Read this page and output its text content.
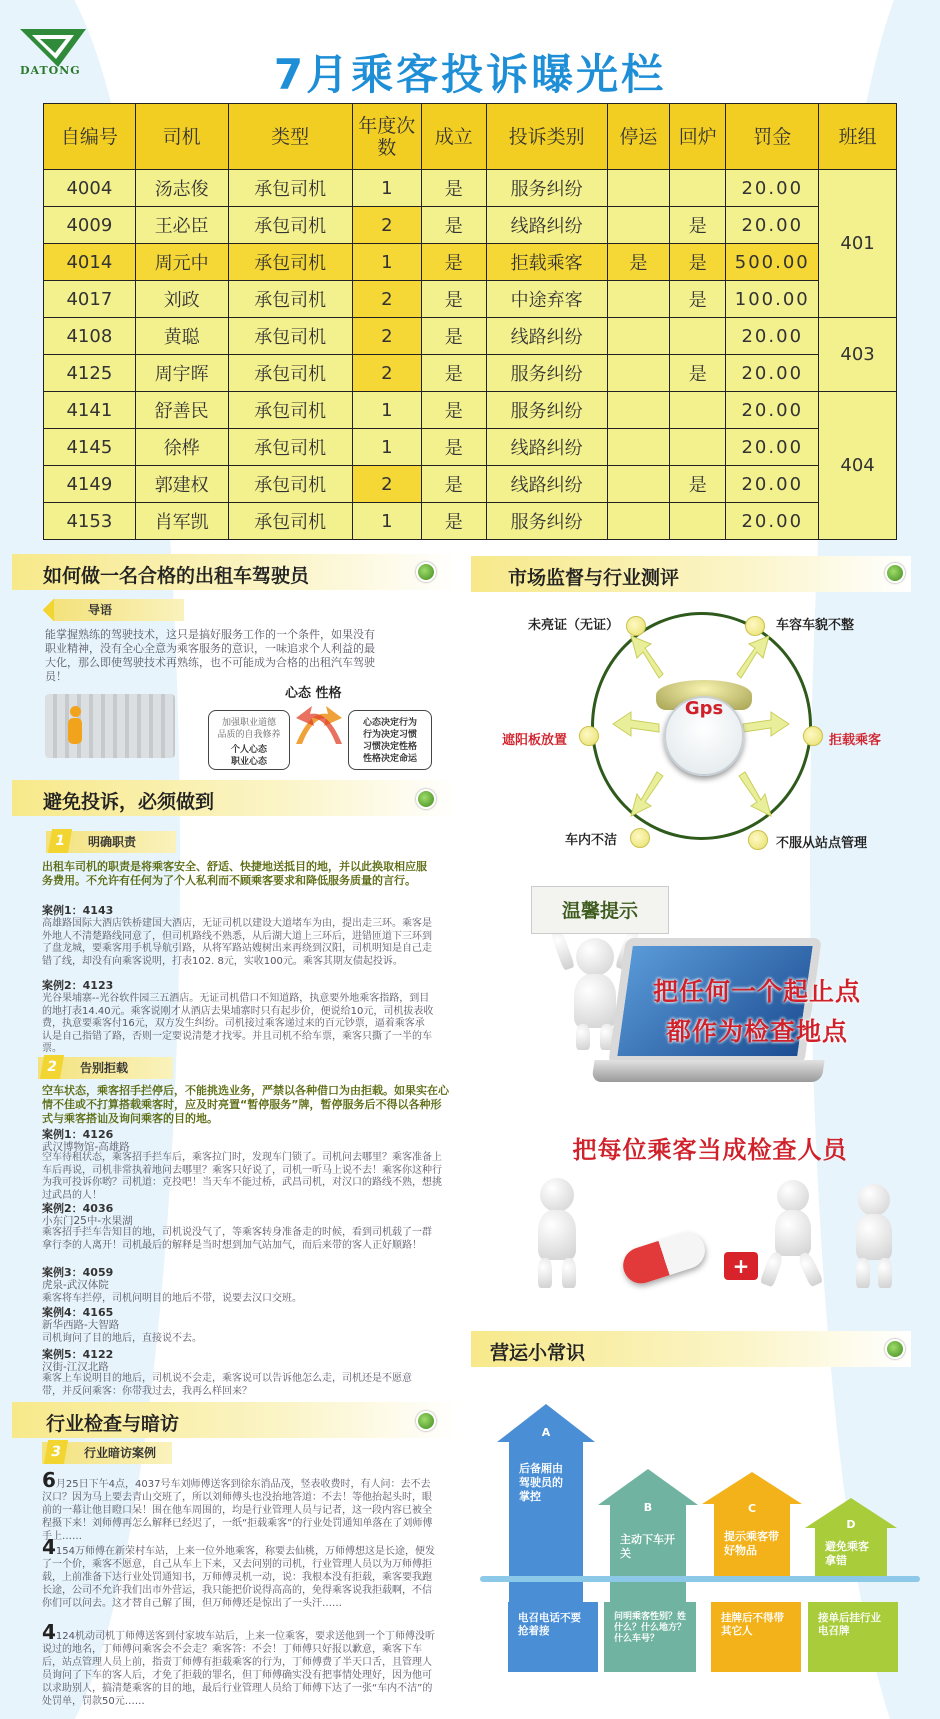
DATONG	7月乘客投诉曝光栏
自编号	司机	类型	年度次数	成立	投诉类别	停运	回炉	罚金	班组
4004	汤志俊	承包司机	1	是	服务纠纷			20.00	401
4009	王必臣	承包司机	2	是	线路纠纷		是	20.00	
4014	周元中	承包司机	1	是	拒载乘客	是	是	500.00	
4017	刘政	承包司机	2	是	中途弃客		是	100.00	
4108	黄聪	承包司机	2	是	线路纠纷			20.00	403
4125	周宇晖	承包司机	2	是	服务纠纷		是	20.00	
4141	舒善民	承包司机	1	是	服务纠纷			20.00	404
4145	徐桦	承包司机	1	是	线路纠纷			20.00	
4149	郭建权	承包司机	2	是	线路纠纷		是	20.00	
4153	肖军凯	承包司机	1	是	服务纠纷			20.00	
如何做一名合格的出租车驾驶员
导语
能掌握熟练的驾驶技术，这只是搞好服务工作的一个条件，如果没有职业精神，没有全心全意为乘客服务的意识，一味追求个人利益的最大化，那么即使驾驶技术再熟练，也不可能成为合格的出租汽车驾驶员！
心态 性格
加强职业道德
品质的自我修养
个人心态
职业心态
心态决定行为
行为决定习惯
习惯决定性格
性格决定命运
避免投诉，必须做到
1	明确职责
出租车司机的职责是将乘客安全、舒适、快捷地送抵目的地，并以此换取相应服务费用。不允许有任何为了个人私利而不顾乘客要求和降低服务质量的言行。
案例1：4143
高雄路国际大酒店铁桥建国大酒店，无证司机以建设大道堵车为由，提出走三环。乘客是外地人不清楚路线同意了，但司机路线不熟悉，从后湖大道上三环后，进错匝道下三环到了盘龙城，要乘客用手机导航引路，从将军路站嫂树出来再绕到汉阳，司机明知是自己走错了线，却没有向乘客说明，打表102. 8元，实收100元。乘客其期友债起投诉。
案例2：4123
光谷果埔寨--光谷软件园三五酒店。无证司机借口不知道路，执意要外地乘客指路，到目的地打表14.40元。乘客说刚才从酒店去果埔寨时只有起步价，便说给10元，司机拔表收费，执意要乘客付16元，双方发生纠纷。司机接过乘客递过来的百元钞票，逼着乘客承认是自己指错了路，否则一定要说清楚才找零。并且司机不给车票，乘客只撕了一半的车票。
2	告别拒载
空车状态，乘客招手拦停后，不能挑选业务，严禁以各种借口为由拒载。如果实在心情不佳或不打算搭载乘客时，应及时亮置“暂停服务”牌，暂停服务后不得以各种形式与乘客搭讪及询问乘客的目的地。
案例1：4126
武汉博物馆-高雄路
空车待租状态，乘客招手拦车后，乘客拉门时，发现车门锁了。司机问去哪里？乘客准备上车后再说，司机非常执着地问去哪里？乘客只好说了，司机一听马上说不去！乘客你这种行为我可投诉你哟？司机道：克投吧！当天车不能过桥，武昌司机，对汉口的路线不熟，想挑过武昌的人！
案例2：4036
小东门25中-水果湖
乘客招手拦车告知目的地，司机说没气了，等乘客转身准备走的时候，看到司机载了一群拿行李的人离开！司机最后的解释是当时想到加气站加气，而后来带的客人正好顺路！
案例3：4059
虎泉-武汉体院
乘客将车拦停，司机问明目的地后不带，说要去汉口交班。
案例4：4165
新华西路-大智路
司机询问了目的地后，直接说不去。
案例5：4122
汉街-江汉北路
乘客上车说明目的地后，司机说不会走，乘客说可以告诉他怎么走，司机还是不愿意带，并反问乘客：你带我过去，我再么样回来？
行业检查与暗访
3	行业暗访案例
6月25日下午4点，4037号车刘师傅送客到徐东消品茂，竖表收费时，有人问：去不去汉口？因为马上要去青山交班了，所以刘师傅头也没抬地答道：不去！等他抬起头时，眼前的一幕让他目瞪口呆！围在他车周围的，均是行业管理人员与记者，这一段内容已被全程摄下来！刘师傅再怎么解释已经迟了，一纸“拒载乘客”的行业处罚通知单落在了刘师傅手上……
4154万师傅在新荣村车站，上来一位外地乘客，称要去仙桃，万师傅想这是长途，便发了一个价，乘客不愿意，自己从车上下来，又去问别的司机，行业管理人员以为万师傅拒载，上前准备下达行业处罚通知书，万师傅灵机一动，说：我根本没有拒载，乘客要我跑长途，公司不允许我们出市外营运，我只能把价说得高高的，免得乘客说我拒载啊，不信你们可以问去。这才替自己解了围，但万师傅还是惊出了一头汗……
4124机动司机丁师傅送客到付家坡车站后，上来一位乘客，要求送他到一个丁师傅没听说过的地名，丁师傅问乘客会不会走？乘客答：不会！丁师傅只好报以歉意，乘客下车后，站点管理人员上前，指责丁师傅有拒载乘客的行为，丁师傅费了半天口舌，且管理人员询问了下车的客人后，才免了拒载的罪名，但丁师傅确实没有把事情处理好，因为他可以求助别人，搞清楚乘客的目的地，最后行业管理人员给丁师傅下达了一张“车内不洁”的处罚单，罚款50元……
市场监督与行业测评
Gps
未亮证（无证）	车容车貌不整
遮阳板放置	拒载乘客
车内不洁	不服从站点管理
温馨提示
把任何一个起止点
都作为检查地点
把每位乘客当成检查人员
+
营运小常识
A
后备厢由驾驶员的掌控
B
主动下车开关
C
提示乘客带好物品
D
避免乘客拿错
电召电话不要抢着接
问明乘客性别？姓什么？什么地方？什么车号？
挂牌后不得带其它人
接单后挂行业电召牌
